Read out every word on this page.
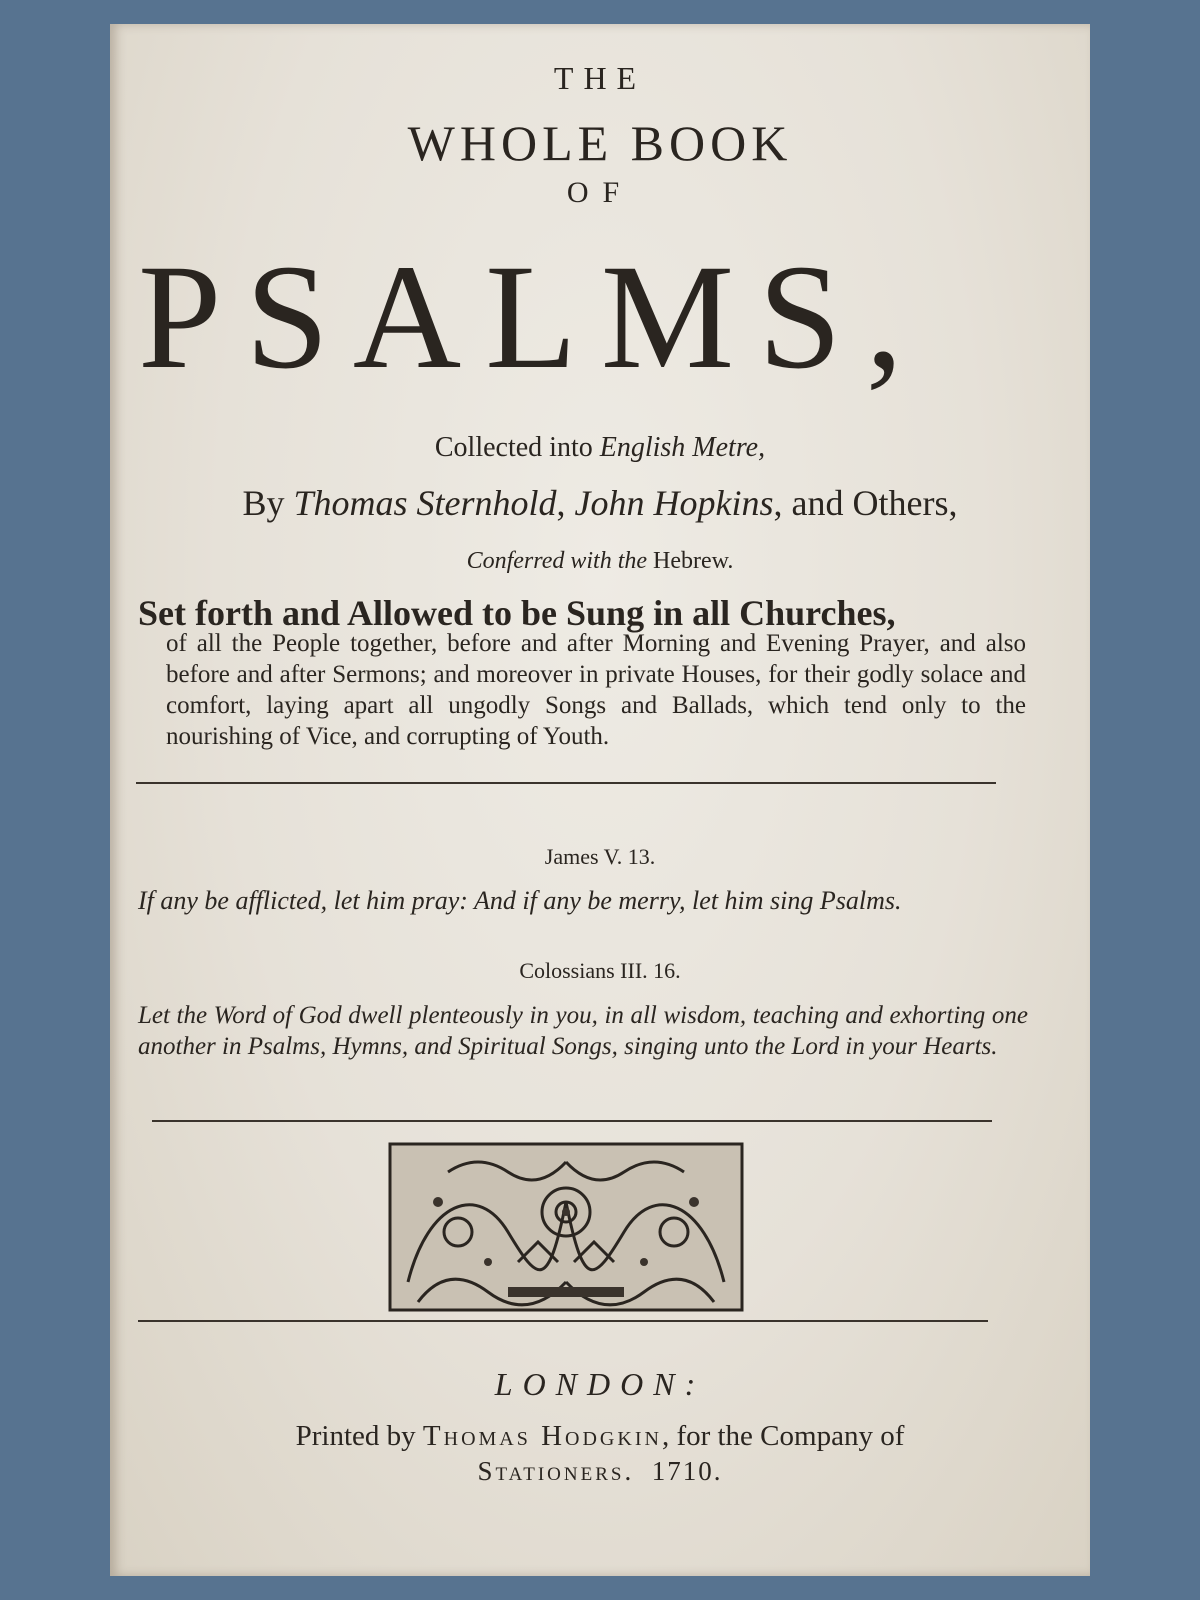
THE
WHOLE BOOK
OF
PSALMS,
Collected into English Metre,
By Thomas Sternhold, John Hopkins, and Others,
Conferred with the Hebrew.
Set forth and Allowed to be Sung in all Churches,
of all the People together, before and after Morning and Evening Prayer, and also before and after Sermons; and moreover in private Houses, for their godly solace and comfort, laying apart all ungodly Songs and Ballads, which tend only to the nourishing of Vice, and corrupting of Youth.
James V. 13.
If any be afflicted, let him pray: And if any be merry, let him sing Psalms.
Colossians III. 16.
Let the Word of God dwell plenteously in you, in all wisdom, teaching and exhorting one another in Psalms, Hymns, and Spiritual Songs, singing unto the Lord in your Hearts.
LONDON:
Printed by Thomas Hodgkin, for the Company of
Stationers. 1710.
